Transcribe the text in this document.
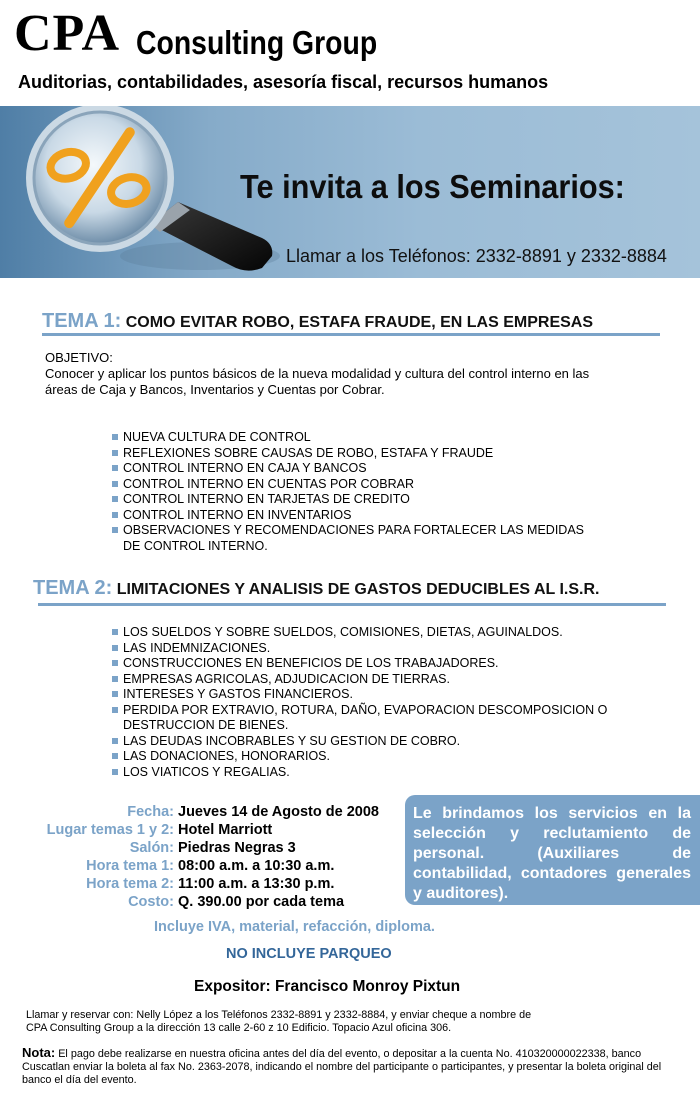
CPA Consulting Group
Auditorias, contabilidades, asesoría fiscal, recursos humanos
Te invita a los Seminarios:
Llamar a los Teléfonos: 2332-8891 y 2332-8884
TEMA 1: COMO EVITAR ROBO, ESTAFA FRAUDE, EN LAS EMPRESAS
OBJETIVO:
Conocer y aplicar los puntos básicos de la nueva modalidad y cultura del control interno en las
áreas de Caja y Bancos, Inventarios y Cuentas por Cobrar.
NUEVA CULTURA DE CONTROL
REFLEXIONES SOBRE CAUSAS DE ROBO, ESTAFA Y FRAUDE
CONTROL INTERNO EN CAJA Y BANCOS
CONTROL INTERNO EN CUENTAS POR COBRAR
CONTROL INTERNO EN TARJETAS DE CREDITO
CONTROL INTERNO EN INVENTARIOS
OBSERVACIONES Y RECOMENDACIONES PARA FORTALECER LAS MEDIDAS
DE CONTROL INTERNO.
TEMA 2: LIMITACIONES Y ANALISIS DE GASTOS DEDUCIBLES AL I.S.R.
LOS SUELDOS Y SOBRE SUELDOS, COMISIONES, DIETAS, AGUINALDOS.
LAS INDEMNIZACIONES.
CONSTRUCCIONES EN BENEFICIOS DE LOS TRABAJADORES.
EMPRESAS AGRICOLAS, ADJUDICACION DE TIERRAS.
INTERESES Y GASTOS FINANCIEROS.
PERDIDA POR EXTRAVIO, ROTURA, DAÑO, EVAPORACION DESCOMPOSICION O
DESTRUCCION DE BIENES.
LAS DEUDAS INCOBRABLES Y SU GESTION DE COBRO.
LAS DONACIONES, HONORARIOS.
LOS VIATICOS Y REGALIAS.
Fecha: Jueves 14 de Agosto de 2008
Lugar temas 1 y 2: Hotel Marriott
Salón: Piedras Negras 3
Hora tema 1: 08:00 a.m. a 10:30 a.m.
Hora tema 2: 11:00 a.m. a 13:30 p.m.
Costo: Q. 390.00 por cada tema
Le brindamos los servicios en la selección y reclutamiento de personal. (Auxiliares de contabilidad, contadores generales y auditores).
Incluye IVA, material, refacción, diploma.
NO INCLUYE PARQUEO
Expositor: Francisco Monroy Pixtun
Llamar y reservar con: Nelly López a los Teléfonos 2332-8891 y 2332-8884, y enviar cheque a nombre de
CPA Consulting Group a la dirección 13 calle 2-60 z 10 Edificio. Topacio Azul oficina 306.
Nota: El pago debe realizarse en nuestra oficina antes del día del evento, o depositar a la cuenta No. 410320000022338, banco Cuscatlan enviar la boleta al fax No. 2363-2078, indicando el nombre del participante o participantes, y presentar la boleta original del banco el día del evento.
